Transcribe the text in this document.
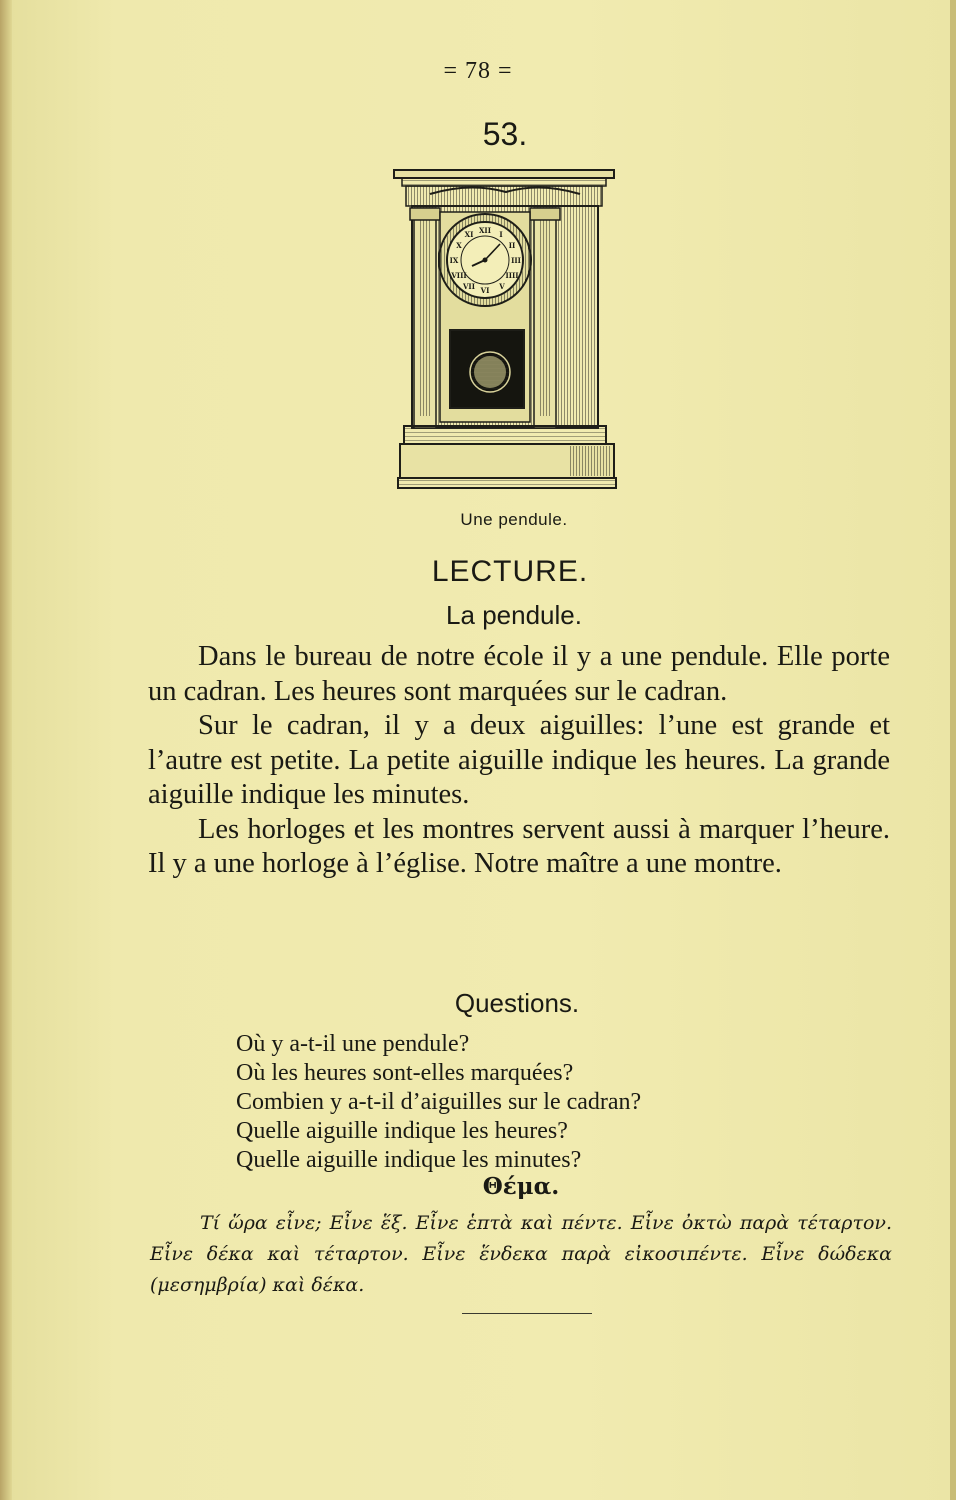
= 78 =
53.
XII I
II
III
IIII
V
VI
VII
VIII
IX
X
XI
Une pendule.
LECTURE.
La pendule.

Dans le bureau de notre école il y a une pendule. Elle porte un cadran. Les heures sont marquées sur le cadran.

Sur le cadran, il y a deux aiguilles: l’une est grande et l’autre est petite. La petite aiguille indique les heures. La grande aiguille indique les minutes.

Les horloges et les montres servent aussi à marquer l’heure. Il y a une horloge à l’église. Notre maître a une montre.

Questions.
Où y a-t-il une pendule?
Où les heures sont-elles marquées?
Combien y a-t-il d’aiguilles sur le cadran?
Quelle aiguille indique les heures?
Quelle aiguille indique les minutes?
Θέμα.
Τί ὥρα εἶνε; Εἶνε ἕξ. Εἶνε ἑπτὰ καὶ πέντε. Εἶνε ὀκτὼ παρὰ τέταρτον. Εἶνε δέκα καὶ τέταρτον. Εἶνε ἕνδεκα παρὰ εἰκοσιπέντε. Εἶνε δώδεκα (μεσημβρία) καὶ δέκα.
